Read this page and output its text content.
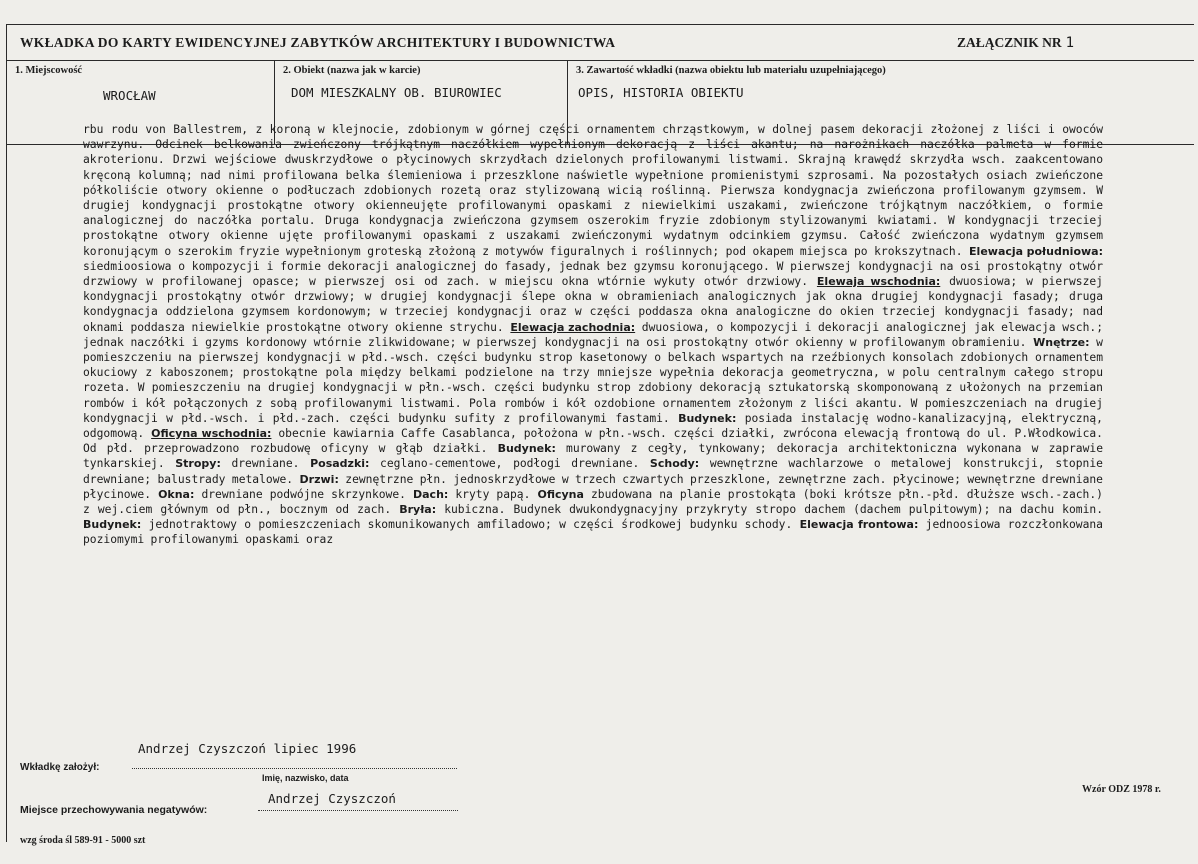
WKŁADKA DO KARTY EWIDENCYJNEJ ZABYTKÓW ARCHITEKTURY I BUDOWNICTWA	ZAŁĄCZNIK NR 1
1. Miejscowość
WROCŁAW
2. Obiekt (nazwa jak w karcie)
DOM MIESZKALNY OB. BIUROWIEC
3. Zawartość wkładki (nazwa obiektu lub materiału uzupełniającego)
OPIS, HISTORIA OBIEKTU
rbu rodu von Ballestrem, z koroną w klejnocie, zdobionym w górnej części ornamentem chrząstkowym, w dolnej pasem dekoracji złożonej z liści i owoców wawrzynu. Odcinek belkowania zwieńczony trójkątnym naczółkiem wypełnionym dekoracją z liści akantu; na narożnikach naczółka palmeta w formie akroterionu. Drzwi wejściowe dwuskrzydłowe o płycinowych skrzydłach dzielonych profilowanymi listwami. Skrajną krawędź skrzydła wsch. zaakcentowano kręconą kolumną; nad nimi profilowana belka ślemieniowa i przeszklone naświetle wypełnione promienistymi szprosami. Na pozostałych osiach zwieńczone półkoliście otwory okienne o podłuczach zdobionych rozetą oraz stylizowaną wicią roślinną. Pierwsza kondygnacja zwieńczona profilowanym gzymsem. W drugiej kondygnacji prostokątne otwory okienneujęte profilowanymi opaskami z niewielkimi uszakami, zwieńczone trójkątnym naczółkiem, o formie analogicznej do naczółka portalu. Druga kondygnacja zwieńczona gzymsem oszerokim fryzie zdobionym stylizowanymi kwiatami. W kondygnacji trzeciej prostokątne otwory okienne ujęte profilowanymi opaskami z uszakami zwieńczonymi wydatnym odcinkiem gzymsu. Całość zwieńczona wydatnym gzymsem koronującym o szerokim fryzie wypełnionym groteską złożoną z motywów figuralnych i roślinnych; pod okapem miejsca po krokszytnach. Elewacja południowa: siedmioosiowa o kompozycji i formie dekoracji analogicznej do fasady, jednak bez gzymsu koronującego. W pierwszej kondygnacji na osi prostokątny otwór drzwiowy w profilowanej opasce; w pierwszej osi od zach. w miejscu okna wtórnie wykuty otwór drzwiowy. Elewaja wschodnia: dwuosiowa; w pierwszej kondygnacji prostokątny otwór drzwiowy; w drugiej kondygnacji ślepe okna w obramieniach analogicznych jak okna drugiej kondygnacji fasady; druga kondygnacja oddzielona gzymsem kordonowym; w trzeciej kondygnacji oraz w części poddasza okna analogiczne do okien trzeciej kondygnacji fasady; nad oknami poddasza niewielkie prostokątne otwory okienne strychu. Elewacja zachodnia: dwuosiowa, o kompozycji i dekoracji analogicznej jak elewacja wsch.; jednak naczółki i gzyms kordonowy wtórnie zlikwidowane; w pierwszej kondygnacji na osi prostokątny otwór okienny w profilowanym obramieniu. Wnętrze: w pomieszczeniu na pierwszej kondygnacji w płd.-wsch. części budynku strop kasetonowy o belkach wspartych na rzeźbionych konsolach zdobionych ornamentem okuciowy z kaboszonem; prostokątne pola między belkami podzielone na trzy mniejsze wypełnia dekoracja geometryczna, w polu centralnym całego stropu rozeta. W pomieszczeniu na drugiej kondygnacji w płn.-wsch. części budynku strop zdobiony dekoracją sztukatorską skomponowaną z ułożonych na przemian rombów i kół połączonych z sobą profilowanymi listwami. Pola rombów i kół ozdobione ornamentem złożonym z liści akantu. W pomieszczeniach na drugiej kondygnacji w płd.-wsch. i płd.-zach. części budynku sufity z profilowanymi fastami. Budynek: posiada instalację wodno-kanalizacyjną, elektryczną, odgomową. Oficyna wschodnia: obecnie kawiarnia Caffe Casablanca, położona w płn.-wsch. części działki, zwrócona elewacją frontową do ul. P.Włodkowica. Od płd. przeprowadzono rozbudowę oficyny w głąb działki. Budynek: murowany z cegły, tynkowany; dekoracja architektoniczna wykonana w zaprawie tynkarskiej. Stropy: drewniane. Posadzki: ceglano-cementowe, podłogi drewniane. Schody: wewnętrzne wachlarzowe o metalowej konstrukcji, stopnie drewniane; balustrady metalowe. Drzwi: zewnętrzne płn. jednoskrzydłowe w trzech czwartych przeszklone, zewnętrzne zach. płycinowe; wewnętrzne drewniane płycinowe. Okna: drewniane podwójne skrzynkowe. Dach: kryty papą. Oficyna zbudowana na planie prostokąta (boki krótsze płn.-płd. dłuższe wsch.-zach.) z wej.ciem głównym od płn., bocznym od zach. Bryła: kubiczna. Budynek dwukondygnacyjny przykryty stropo dachem (dachem pulpitowym); na dachu komin. Budynek: jednotraktowy o pomieszczeniach skomunikowanych amfiladowo; w części środkowej budynku schody. Elewacja frontowa: jednoosiowa rozczłonkowana poziomymi profilowanymi opaskami oraz
Andrzej Czyszczoń lipiec 1996
Wkładkę założył:
Imię, nazwisko, data
Andrzej Czyszczoń
Miejsce przechowywania negatywów:
Wzór ODZ 1978 r.
wzg środa śl 589-91 - 5000 szt
